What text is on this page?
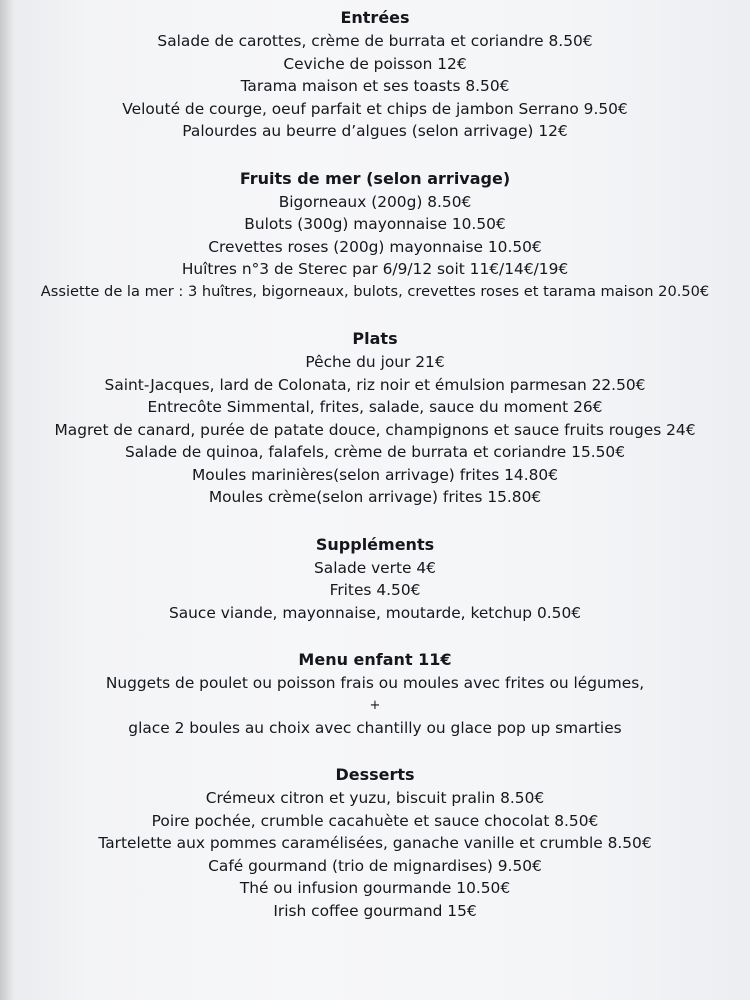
Entrées

Salade de carottes, crème de burrata et coriandre 8.50€

Ceviche de poisson 12€

Tarama maison et ses toasts 8.50€

Velouté de courge, oeuf parfait et chips de jambon Serrano 9.50€

Palourdes au beurre d’algues (selon arrivage) 12€

Fruits de mer (selon arrivage)

Bigorneaux (200g) 8.50€

Bulots (300g) mayonnaise 10.50€

Crevettes roses (200g) mayonnaise 10.50€

Huîtres n°3 de Sterec par 6/9/12 soit 11€/14€/19€

Assiette de la mer : 3 huîtres, bigorneaux, bulots, crevettes roses et tarama maison 20.50€

Plats

Pêche du jour 21€

Saint-Jacques, lard de Colonata, riz noir et émulsion parmesan 22.50€

Entrecôte Simmental, frites, salade, sauce du moment 26€

Magret de canard, purée de patate douce, champignons et sauce fruits rouges 24€

Salade de quinoa, falafels, crème de burrata et coriandre 15.50€

Moules marinières(selon arrivage) frites 14.80€

Moules crème(selon arrivage) frites 15.80€

Suppléments

Salade verte 4€

Frites 4.50€

Sauce viande, mayonnaise, moutarde, ketchup 0.50€

Menu enfant 11€

Nuggets de poulet ou poisson frais ou moules avec frites ou légumes,

+

glace 2 boules au choix avec chantilly ou glace pop up smarties

Desserts

Crémeux citron et yuzu, biscuit pralin 8.50€

Poire pochée, crumble cacahuète et sauce chocolat 8.50€

Tartelette aux pommes caramélisées, ganache vanille et crumble 8.50€

Café gourmand (trio de mignardises) 9.50€

Thé ou infusion gourmande 10.50€

Irish coffee gourmand 15€
